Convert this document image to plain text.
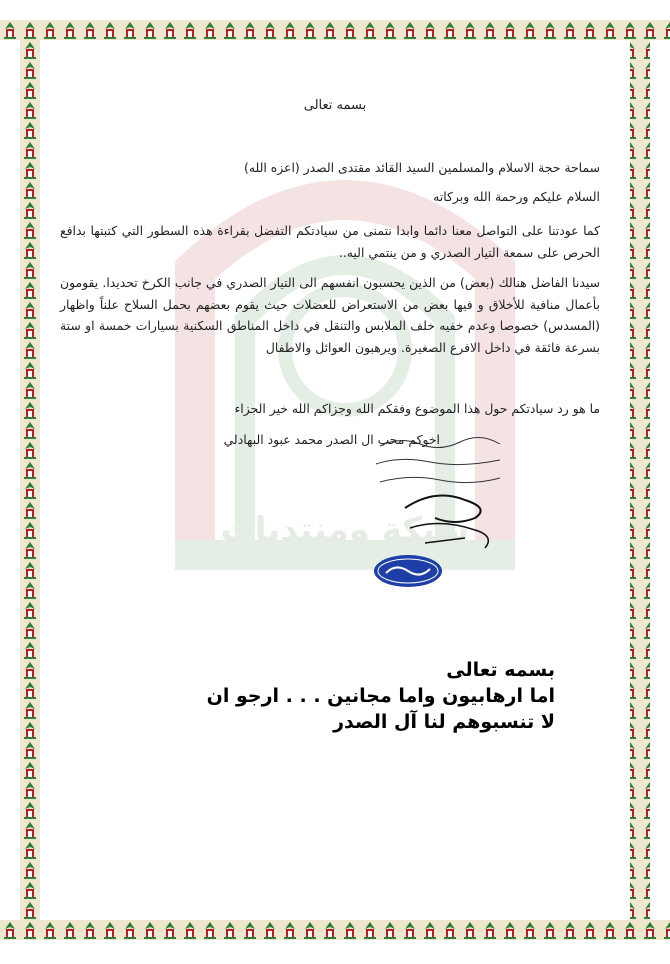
شبكة ومنتديات
بسمه تعالى
سماحة حجة الاسلام والمسلمين السيد القائد مقتدى الصدر (اعزه الله)
السلام عليكم ورحمة الله وبركاته
كما عودتنا على التواصل معنا دائما وابدا نتمنى من سيادتكم التفضل بقراءة هذه السطور التي كتبتها بدافع الحرص على سمعة التيار الصدري و من ينتمي اليه..
سيدنا الفاضل هنالك (بعض) من الذين يحسبون انفسهم الى التيار الصدري في جانب الكرخ تحديدا. يقومون بأعمال منافية للأخلاق و فيها بعض من الاستعراض للعضلات حيث يقوم بعضهم بحمل السلاح علناً واظهار (المسدس) خصوصا وعدم خفيه خلف الملابس والتنقل في داخل المناطق السكنية بسيارات خمسة او ستة بسرعة فائقة في داخل الافرع الصغيرة. ويرهبون العوائل والاطفال
ما هو رد سيادتكم حول هذا الموضوع وفقكم الله وجزاكم الله خير الجزاء
اخوكم محب ال الصدر محمد عبود البهادلي
بسمه تعالى
اما ارهابيون واما مجانين . . . ارجو ان
لا تنسبوهم لنا آل الصدر
